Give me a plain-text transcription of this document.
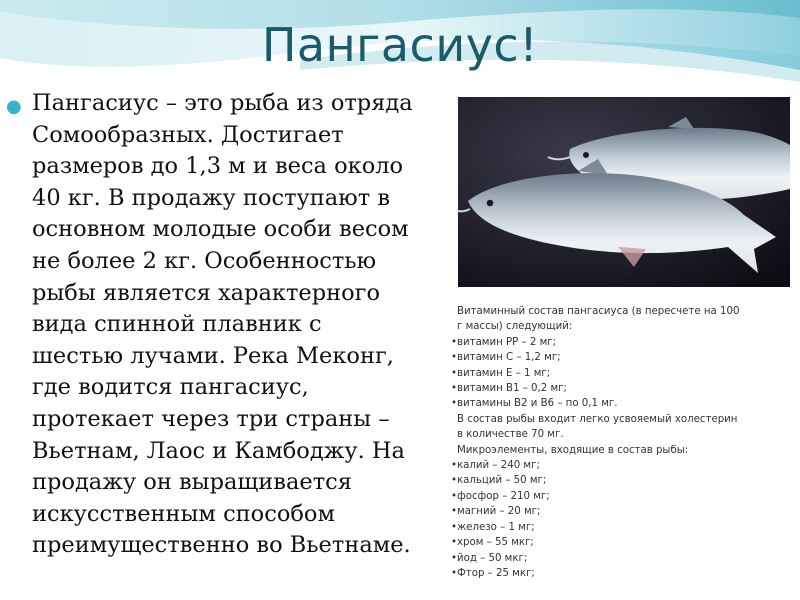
Пангасиус!
● Пангасиус – это рыба из отряда
Сомообразных. Достигает
размеров до 1,3 м и веса около
40 кг. В продажу поступают в
основном молодые особи весом
не более 2 кг. Особенностью
рыбы является характерного
вида спинной плавник с
шестью лучами. Река Меконг,
где водится пангасиус,
протекает через три страны –
Вьетнам, Лаос и Камбоджу. На
продажу он выращивается
искусственным способом
преимущественно во Вьетнаме.
Витаминный состав пангасиуса (в пересчете на 100
г массы) следующий:
•витамин РР – 2 мг;
•витамин С – 1,2 мг;
•витамин Е – 1 мг;
•витамин В1 – 0,2 мг;
•витамины В2 и В6 – по 0,1 мг.
В состав рыбы входит легко усвояемый холестерин
в количестве 70 мг.
Микроэлементы, входящие в состав рыбы:
•калий – 240 мг;
•кальций – 50 мг;
•фосфор – 210 мг;
•магний – 20 мг;
•железо – 1 мг;
•хром – 55 мкг;
•йод – 50 мкг;
•Фтор – 25 мкг;
